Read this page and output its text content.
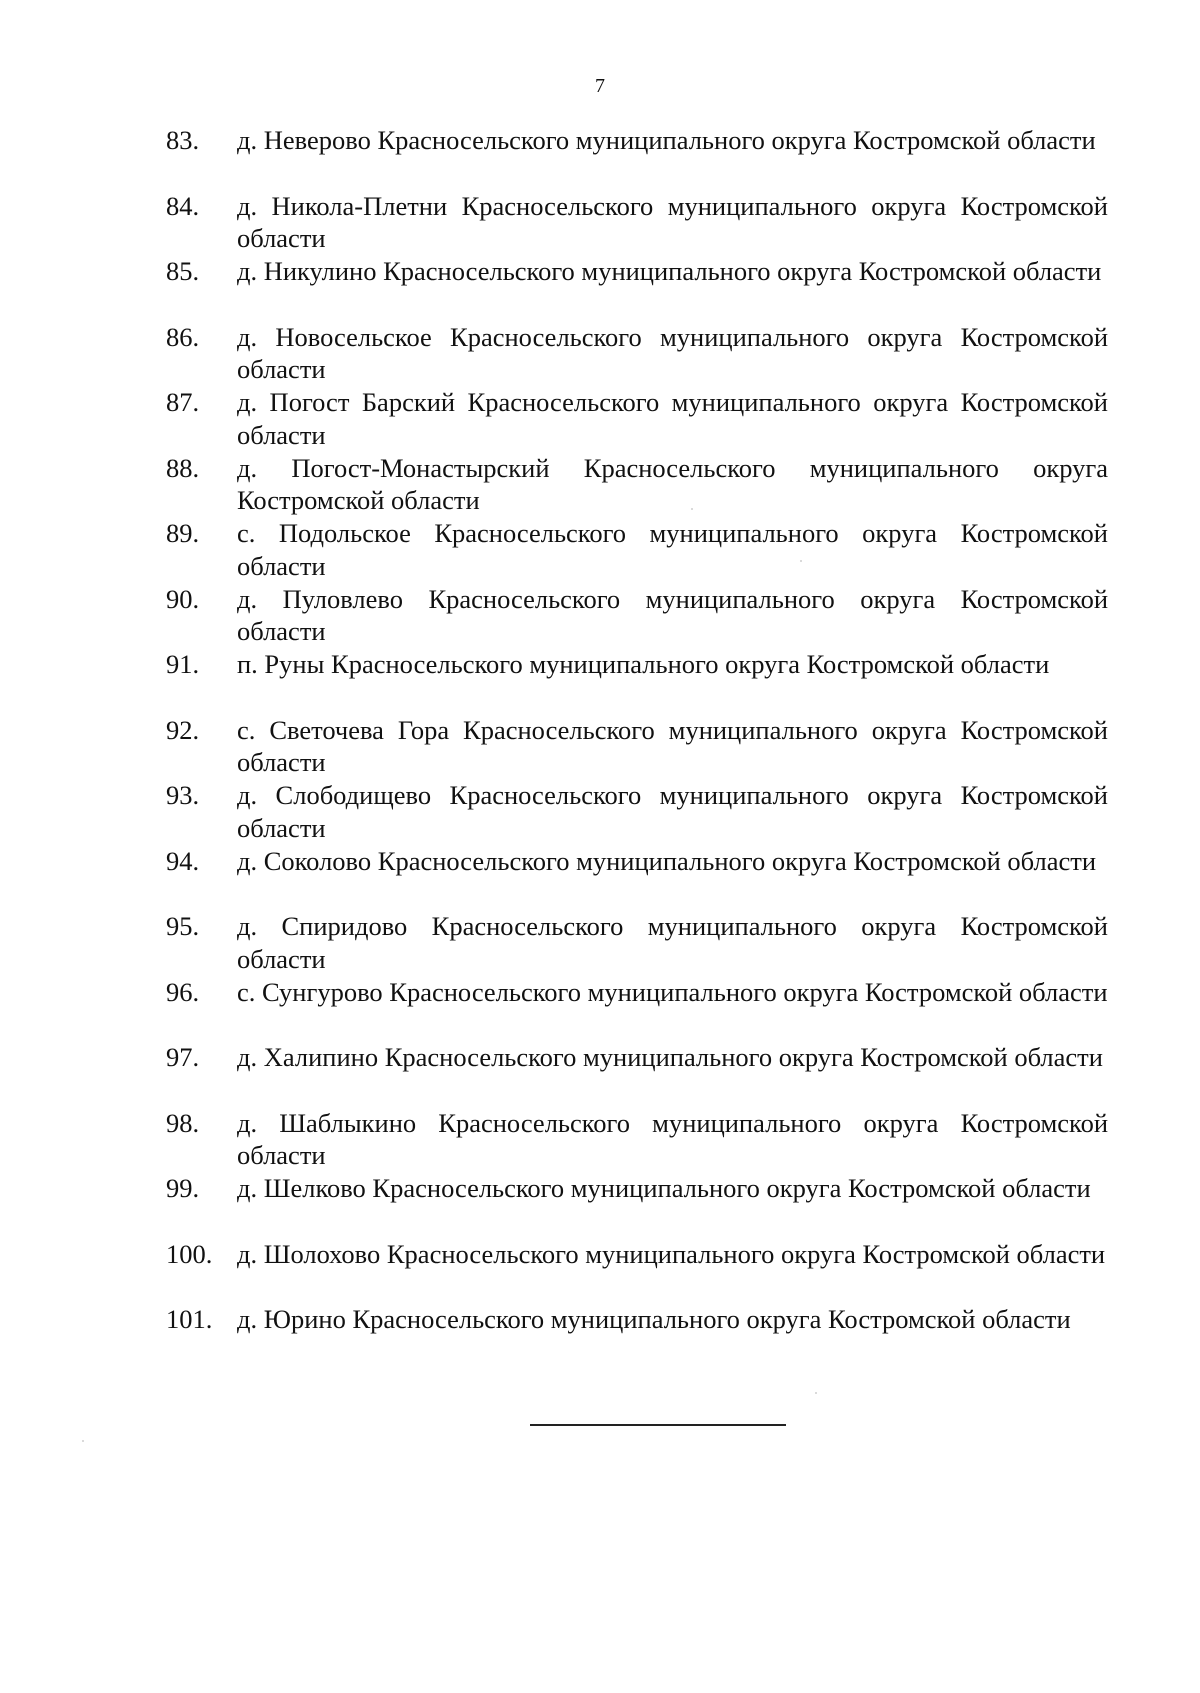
7
83.	д. Неверово Красносельского муниципального округа Костромской области
84.	д. Никола-Плетни Красносельского муниципального округа Костромской области
85.	д. Никулино Красносельского муниципального округа Костромской области
86.	д. Новосельское Красносельского муниципального округа Костромской области
87.	д. Погост Барский Красносельского муниципального округа Костромской области
88.	д. Погост-Монастырский Красносельского муниципального округа Костромской области
89.	с. Подольское Красносельского муниципального округа Костромской области
90.	д. Пуловлево Красносельского муниципального округа Костромской области
91.	п. Руны Красносельского муниципального округа Костромской области
92.	с. Светочева Гора Красносельского муниципального округа Костромской области
93.	д. Слободищево Красносельского муниципального округа Костромской области
94.	д. Соколово Красносельского муниципального округа Костромской области
95.	д. Спиридово Красносельского муниципального округа Костромской области
96.	с. Сунгурово Красносельского муниципального округа Костромской области
97.	д. Халипино Красносельского муниципального округа Костромской области
98.	д. Шаблыкино Красносельского муниципального округа Костромской области
99.	д. Шелково Красносельского муниципального округа Костромской области
100. д. Шолохово Красносельского муниципального округа Костромской области
101. д. Юрино Красносельского муниципального округа Костромской области
